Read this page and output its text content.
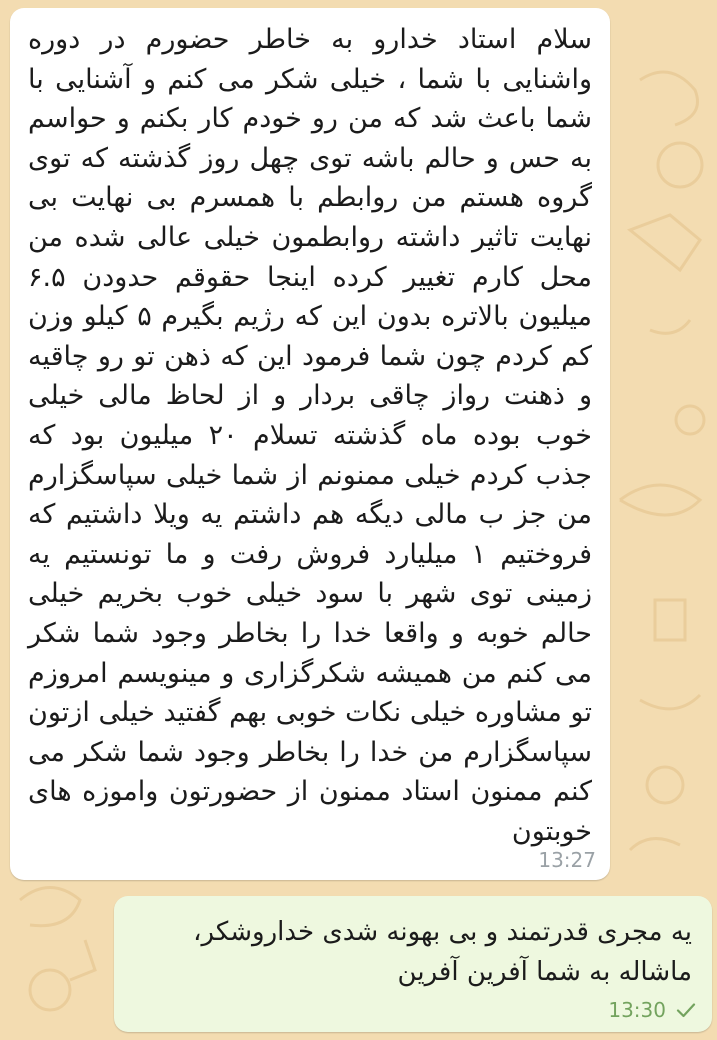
سلام استاد خدارو به خاطر حضورم در دوره واشنایی با شما ، خیلی شکر می کنم و آشنایی با شما باعث شد که من رو خودم کار بکنم و حواسم به حس و حالم باشه توی چهل روز گذشته که توی گروه هستم من روابطم با همسرم بی نهایت بی نهایت تاثیر داشته روابطمون خیلی عالی شده من محل کارم تغییر کرده اینجا حقوقم حدودن ۶.۵ میلیون بالاتره بدون این که رژیم بگیرم ۵ کیلو وزن کم کردم چون شما فرمود این که ذهن تو رو چاقیه و ذهنت رواز چاقی بردار و از لحاظ مالی خیلی خوب بوده ماه گذشته تسلام ۲۰ میلیون بود که جذب کردم خیلی ممنونم از شما خیلی سپاسگزارم من جز ب مالی دیگه هم داشتم یه ویلا داشتیم که فروختیم ۱ میلیارد فروش رفت و ما تونستیم یه زمینی توی شهر با سود خیلی خوب بخریم خیلی حالم خوبه و واقعا خدا را بخاطر وجود شما شکر می کنم من همیشه شکرگزاری و مینویسم امروزم تو مشاوره خیلی نکات خوبی بهم گفتید خیلی ازتون سپاسگزارم من خدا را بخاطر وجود شما شکر می کنم ممنون استاد ممنون از حضورتون واموزه های خوبتون
13:27
یه مجری قدرتمند و بی بهونه شدی خداروشکر، ماشاله به شما آفرین آفرین
13:30
